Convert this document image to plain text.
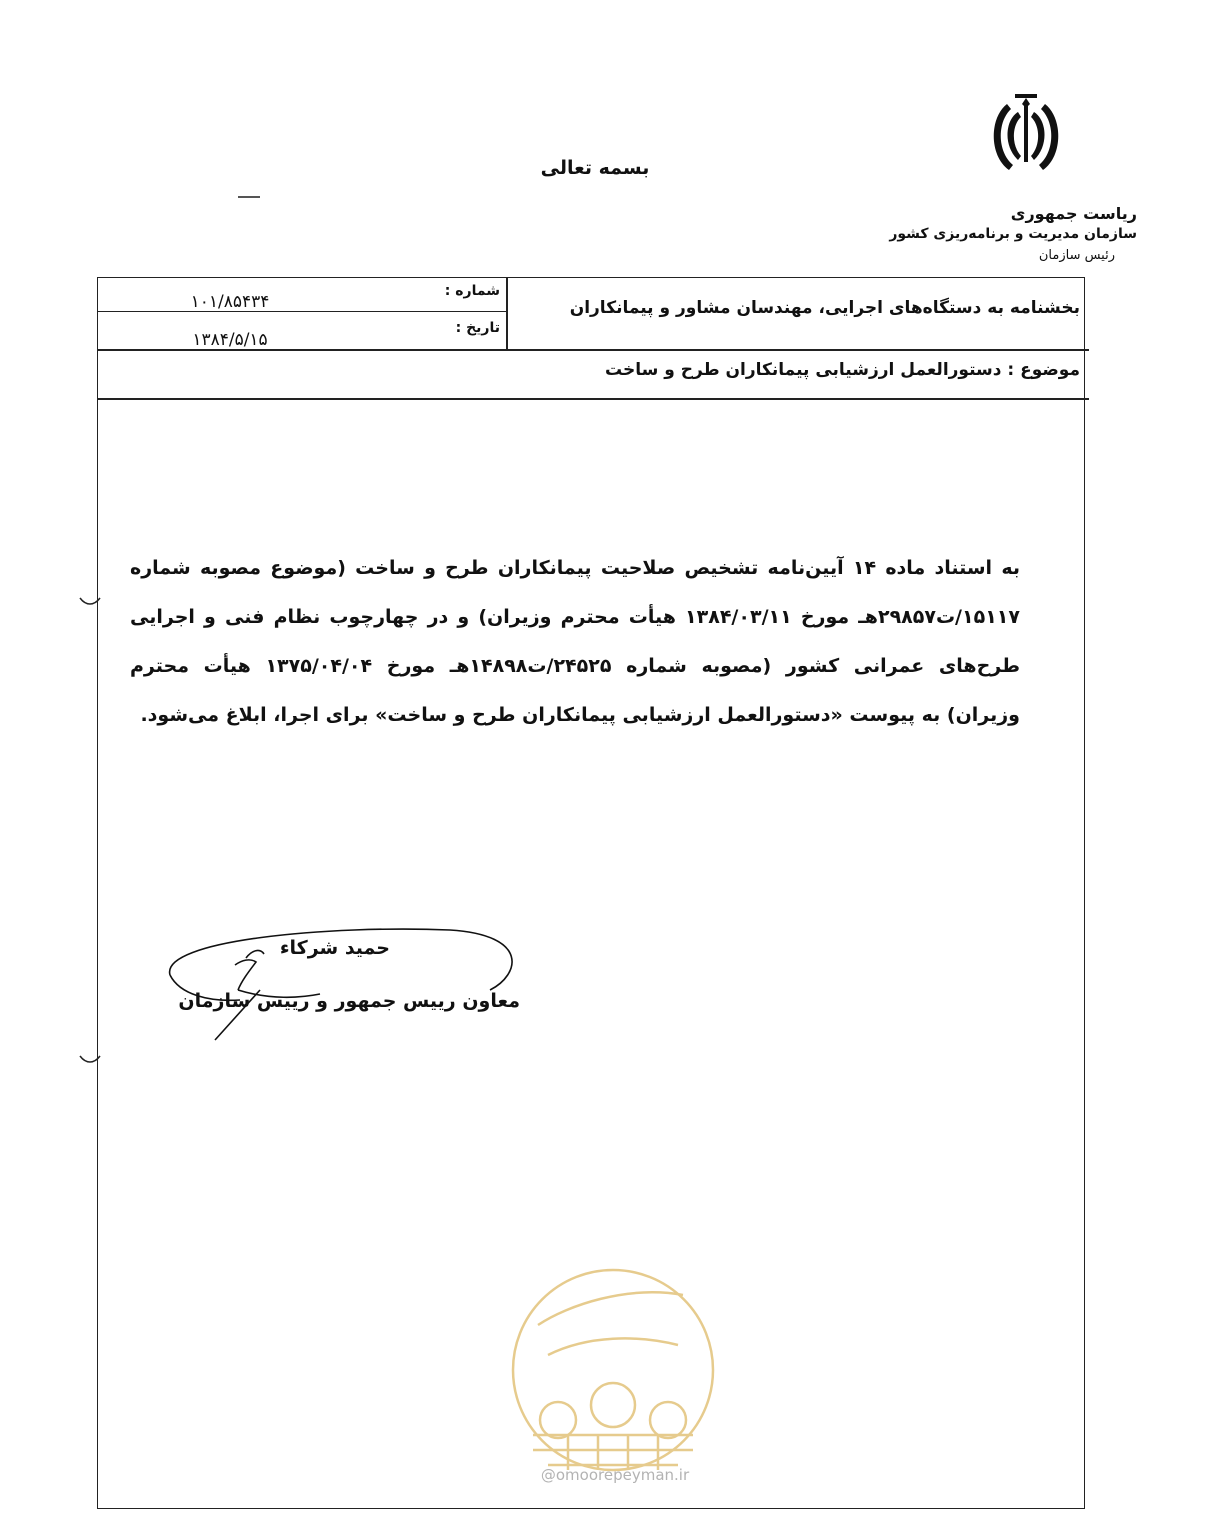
بسمه تعالی
ریاست جمهوری
سازمان مدیریت و برنامه‌ریزی کشور
رئیس سازمان
بخشنامه به دستگاه‌های اجرایی، مهندسان مشاور و پیمانکاران
شماره :
۱۰۱/۸۵۴۳۴
تاریخ :
۱۳۸۴/۵/۱۵
موضوع : دستورالعمل ارزشیابی پیمانکاران طرح و ساخت
به استناد ماده ۱۴ آیین‌نامه تشخیص صلاحیت پیمانکاران طرح و ساخت (موضوع مصوبه شماره ۱۵۱۱۷/ت۲۹۸۵۷هـ مورخ ۱۳۸۴/۰۳/۱۱ هیأت محترم وزیران) و در چهارچوب نظام فنی و اجرایی طرح‌های عمرانی کشور (مصوبه شماره ۲۴۵۲۵/ت۱۴۸۹۸هـ مورخ ۱۳۷۵/۰۴/۰۴ هیأت محترم وزیران) به پیوست «دستورالعمل ارزشیابی پیمانکاران طرح و ساخت» برای اجرا، ابلاغ می‌شود.
حمید شرکاء
معاون رییس جمهور و رییس سازمان
@omoorepeyman.ir
